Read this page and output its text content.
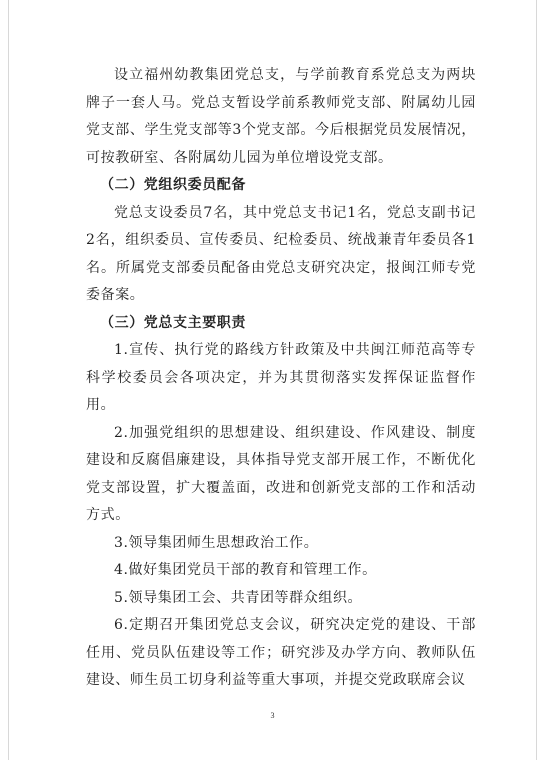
设立福州幼教集团党总支，与学前教育系党总支为两块牌子一套人马。党总支暂设学前系教师党支部、附属幼儿园党支部、学生党支部等3个党支部。今后根据党员发展情况，可按教研室、各附属幼儿园为单位增设党支部。

（二）党组织委员配备

党总支设委员7名，其中党总支书记1名，党总支副书记2名，组织委员、宣传委员、纪检委员、统战兼青年委员各1名。所属党支部委员配备由党总支研究决定，报闽江师专党委备案。

（三）党总支主要职责

1.宣传、执行党的路线方针政策及中共闽江师范高等专科学校委员会各项决定，并为其贯彻落实发挥保证监督作用。

2.加强党组织的思想建设、组织建设、作风建设、制度建设和反腐倡廉建设，具体指导党支部开展工作，不断优化党支部设置，扩大覆盖面，改进和创新党支部的工作和活动方式。

3.领导集团师生思想政治工作。

4.做好集团党员干部的教育和管理工作。

5.领导集团工会、共青团等群众组织。

6.定期召开集团党总支会议，研究决定党的建设、干部任用、党员队伍建设等工作；研究涉及办学方向、教师队伍建设、师生员工切身利益等重大事项，并提交党政联席会议

3
